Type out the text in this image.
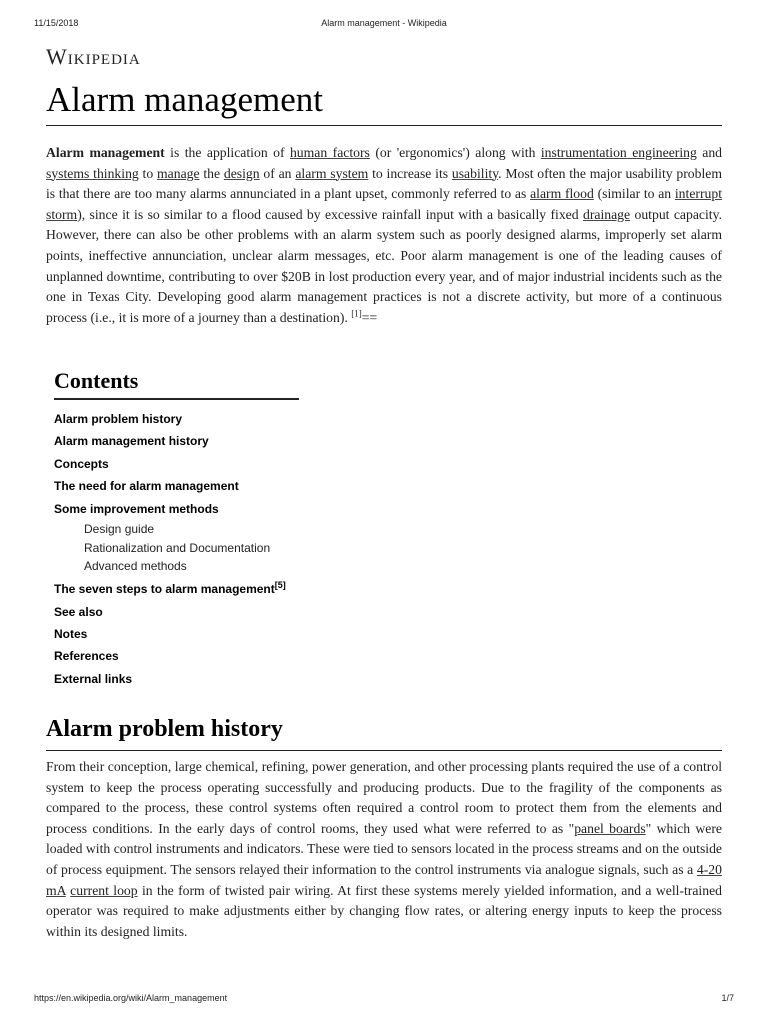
11/15/2018	Alarm management - Wikipedia
Wikipedia
Alarm management

Alarm management is the application of human factors (or 'ergonomics') along with instrumentation engineering and systems thinking to manage the design of an alarm system to increase its usability. Most often the major usability problem is that there are too many alarms annunciated in a plant upset, commonly referred to as alarm flood (similar to an interrupt storm), since it is so similar to a flood caused by excessive rainfall input with a basically fixed drainage output capacity. However, there can also be other problems with an alarm system such as poorly designed alarms, improperly set alarm points, ineffective annunciation, unclear alarm messages, etc. Poor alarm management is one of the leading causes of unplanned downtime, contributing to over $20B in lost production every year, and of major industrial incidents such as the one in Texas City. Developing good alarm management practices is not a discrete activity, but more of a continuous process (i.e., it is more of a journey than a destination). [1]==

Contents
Alarm problem history
Alarm management history
Concepts
The need for alarm management
Some improvement methods
Design guide
Rationalization and Documentation
Advanced methods
The seven steps to alarm management[5]
See also
Notes
References
External links
Alarm problem history

From their conception, large chemical, refining, power generation, and other processing plants required the use of a control system to keep the process operating successfully and producing products. Due to the fragility of the components as compared to the process, these control systems often required a control room to protect them from the elements and process conditions. In the early days of control rooms, they used what were referred to as "panel boards" which were loaded with control instruments and indicators. These were tied to sensors located in the process streams and on the outside of process equipment. The sensors relayed their information to the control instruments via analogue signals, such as a 4-20 mA current loop in the form of twisted pair wiring. At first these systems merely yielded information, and a well-trained operator was required to make adjustments either by changing flow rates, or altering energy inputs to keep the process within its designed limits.

https://en.wikipedia.org/wiki/Alarm_management	1/7
